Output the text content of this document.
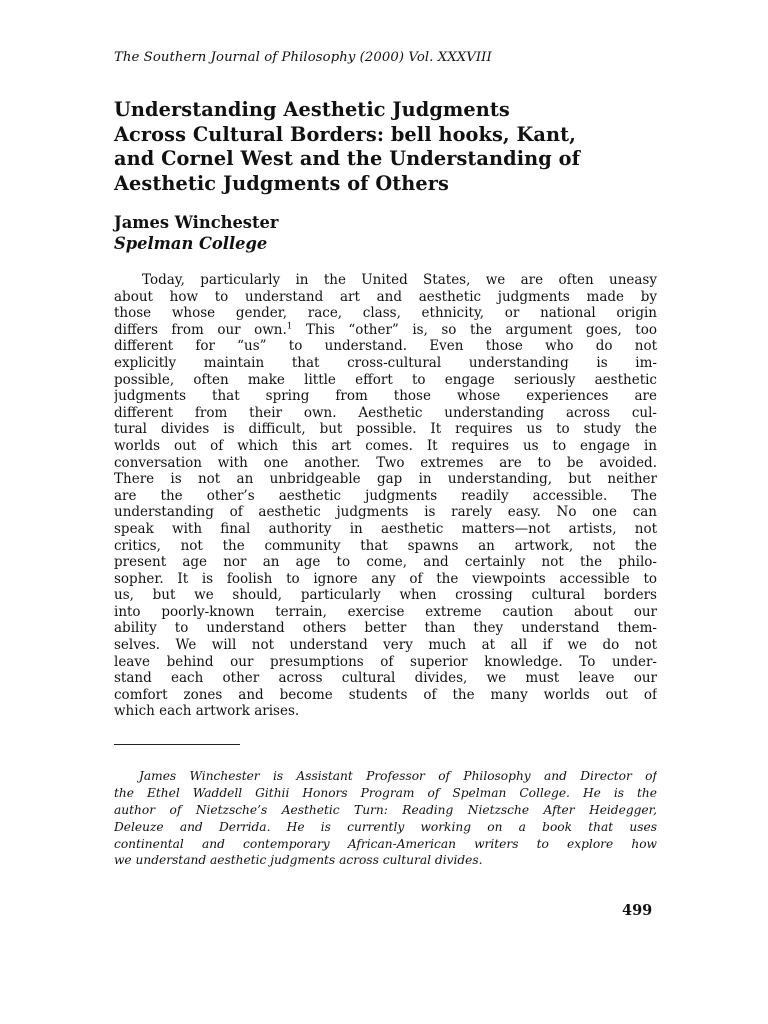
The Southern Journal of Philosophy (2000) Vol. XXXVIII
Understanding Aesthetic Judgments
Across Cultural Borders: bell hooks, Kant,
and Cornel West and the Understanding of
Aesthetic Judgments of Others
James Winchester
Spelman College
Today, particularly in the United States, we are often uneasy
about how to understand art and aesthetic judgments made by
those whose gender, race, class, ethnicity, or national origin
differs from our own.$^1$ This “other” is, so the argument goes, too
different for “us” to understand. Even those who do not
explicitly maintain that cross-cultural understanding is im-
possible, often make little effort to engage seriously aesthetic
judgments that spring from those whose experiences are
different from their own. Aesthetic understanding across cul-
tural divides is difficult, but possible. It requires us to study the
worlds out of which this art comes. It requires us to engage in
conversation with one another. Two extremes are to be avoided.
There is not an unbridgeable gap in understanding, but neither
are the other’s aesthetic judgments readily accessible. The
understanding of aesthetic judgments is rarely easy. No one can
speak with final authority in aesthetic matters—not artists, not
critics, not the community that spawns an artwork, not the
present age nor an age to come, and certainly not the philo-
sopher. It is foolish to ignore any of the viewpoints accessible to
us, but we should, particularly when crossing cultural borders
into poorly-known terrain, exercise extreme caution about our
ability to understand others better than they understand them-
selves. We will not understand very much at all if we do not
leave behind our presumptions of superior knowledge. To under-
stand each other across cultural divides, we must leave our
comfort zones and become students of the many worlds out of
which each artwork arises.
James Winchester is Assistant Professor of Philosophy and Director of
the Ethel Waddell Githii Honors Program of Spelman College. He is the
author of Nietzsche’s Aesthetic Turn: Reading Nietzsche After Heidegger,
Deleuze and Derrida. He is currently working on a book that uses
continental and contemporary African-American writers to explore how
we understand aesthetic judgments across cultural divides.
499
